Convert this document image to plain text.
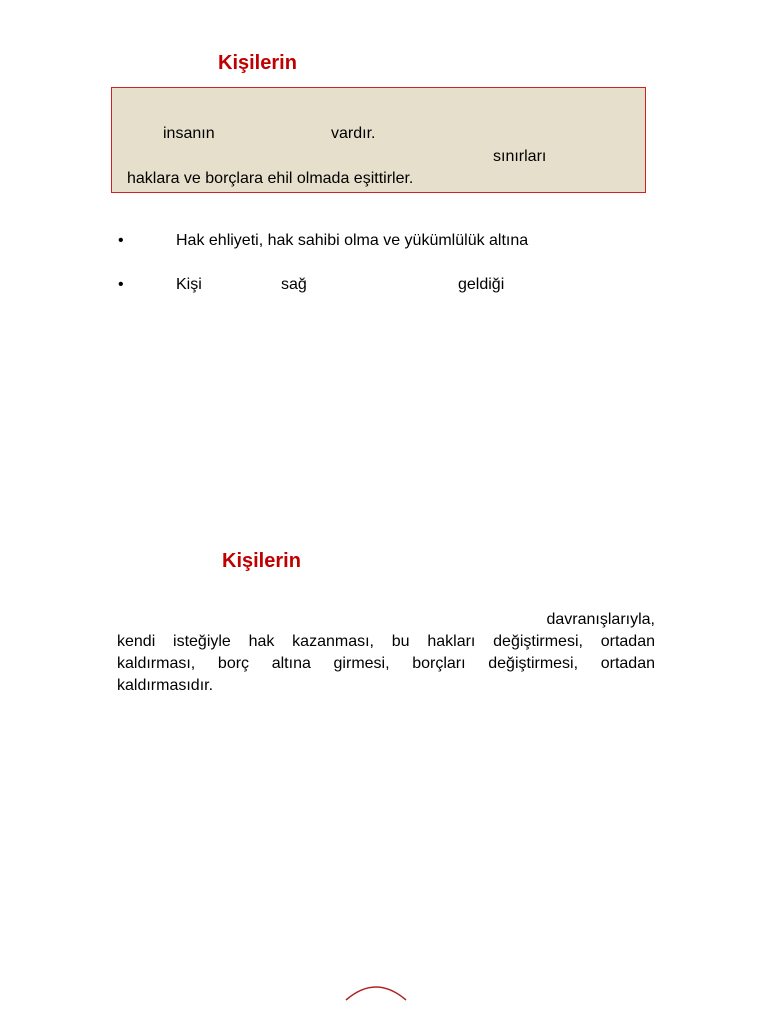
Kişilerin
insanın	vardır.
sınırları
haklara ve borçlara ehil olmada eşittirler.
•	Hak ehliyeti, hak sahibi olma ve yükümlülük altına
•	Kişi	sağ	geldiği
Kişilerin
davranışlarıyla,
kendi isteğiyle hak kazanması, bu hakları değiştirmesi, ortadan
kaldırması, borç altına girmesi, borçları değiştirmesi, ortadan
kaldırmasıdır.
